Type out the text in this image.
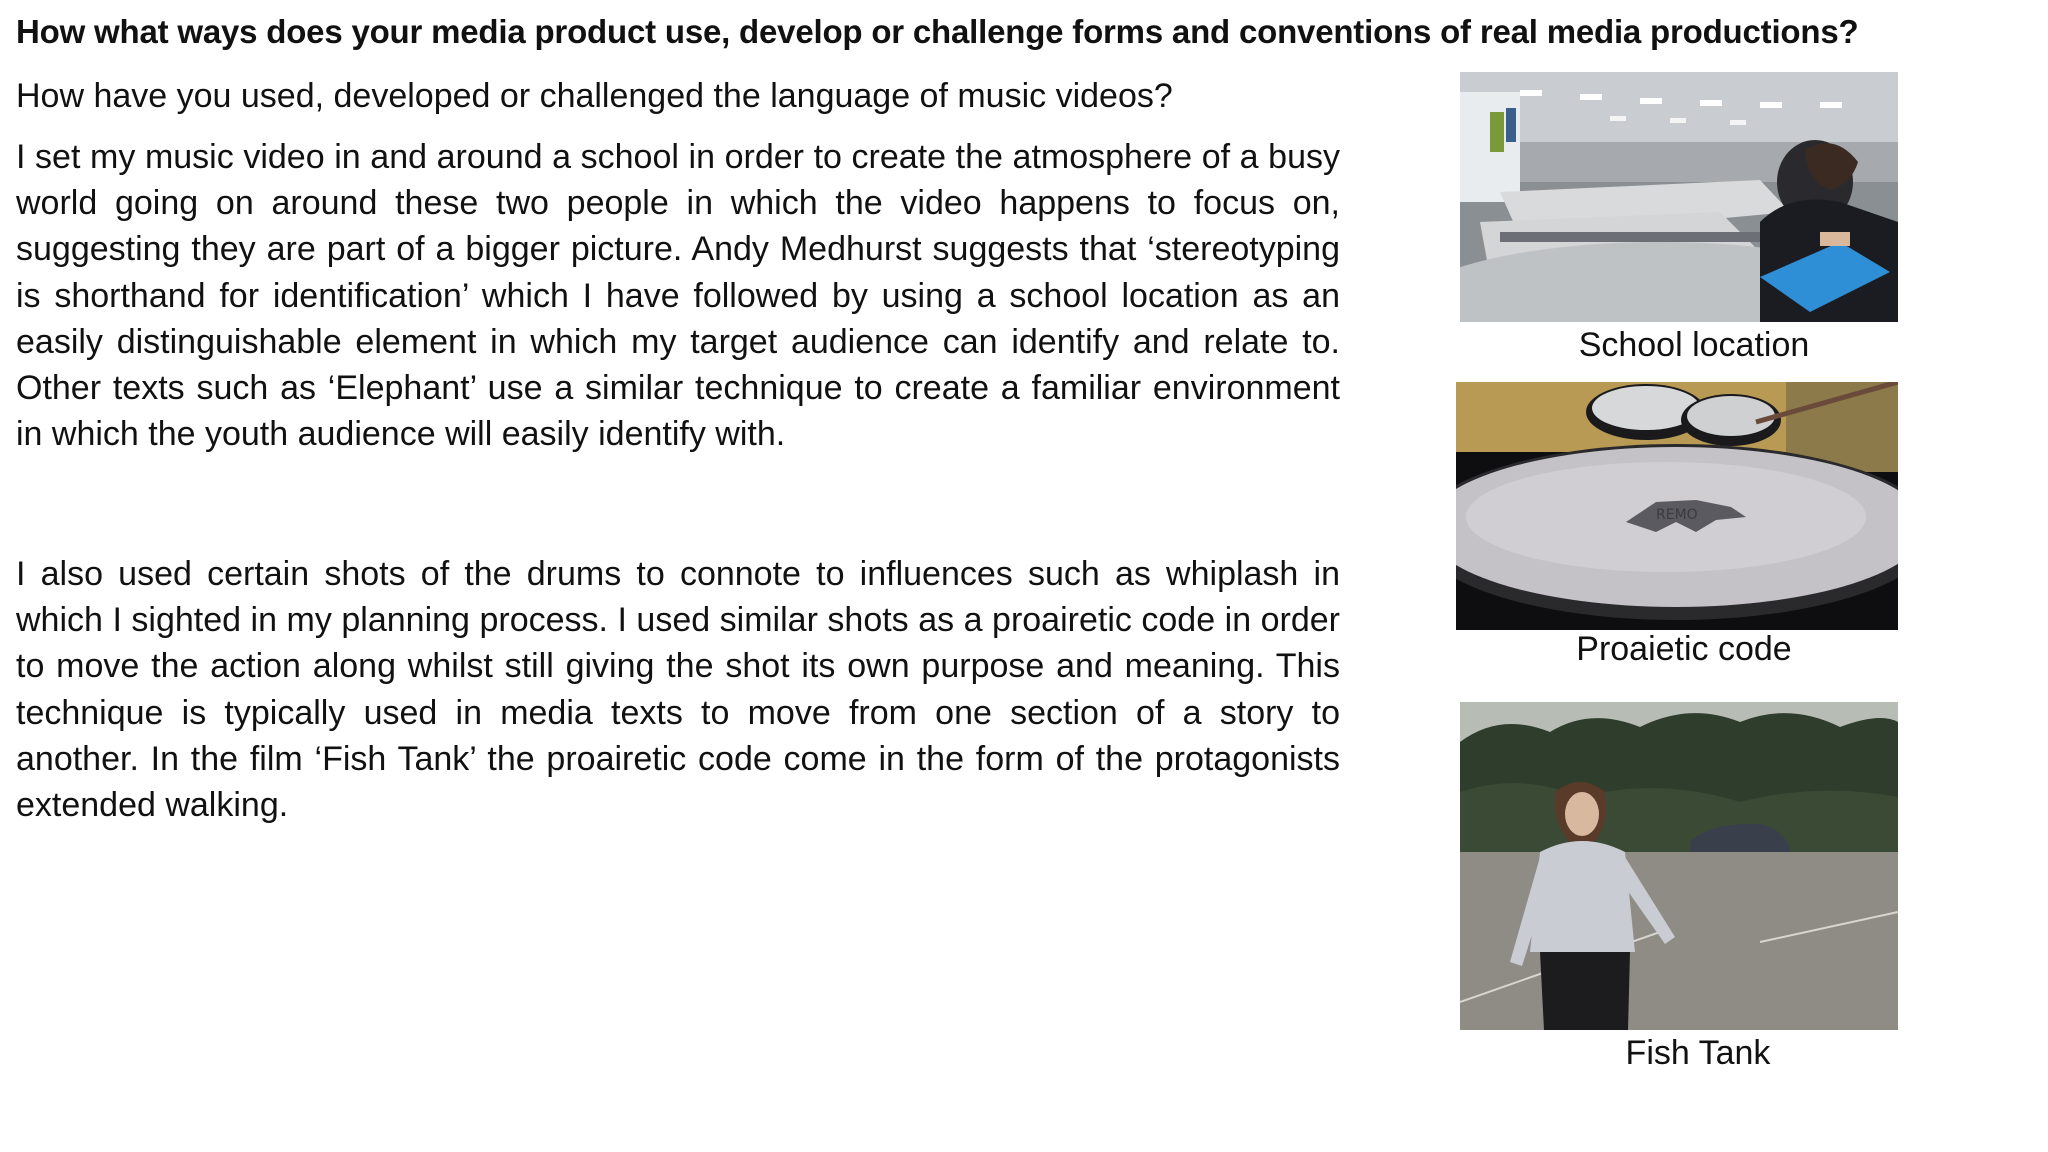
How what ways does your media product use, develop or challenge forms and conventions of real media productions?
How have you used, developed or challenged the language of music videos?
I set my music video in and around a school in order to create the atmosphere of a busy world going on around these two people in which the video happens to focus on, suggesting they are part of a bigger picture. Andy Medhurst suggests that ‘stereotyping is shorthand for identification’ which I have followed by using a school location as an easily distinguishable element in which my target audience can identify and relate to. Other texts such as ‘Elephant’ use a similar technique to create a familiar environment in which the youth audience will easily identify with.
I also used certain shots of the drums to connote to influences such as whiplash in which I sighted in my planning process. I used similar shots as a proairetic code in order to move the action along whilst still giving the shot its own purpose and meaning. This technique is typically used in media texts to move from one section of a story to another. In the film ‘Fish Tank’ the proairetic code come in the form of the protagonists extended walking.
School location
REMO
Proaietic code
Fish Tank
